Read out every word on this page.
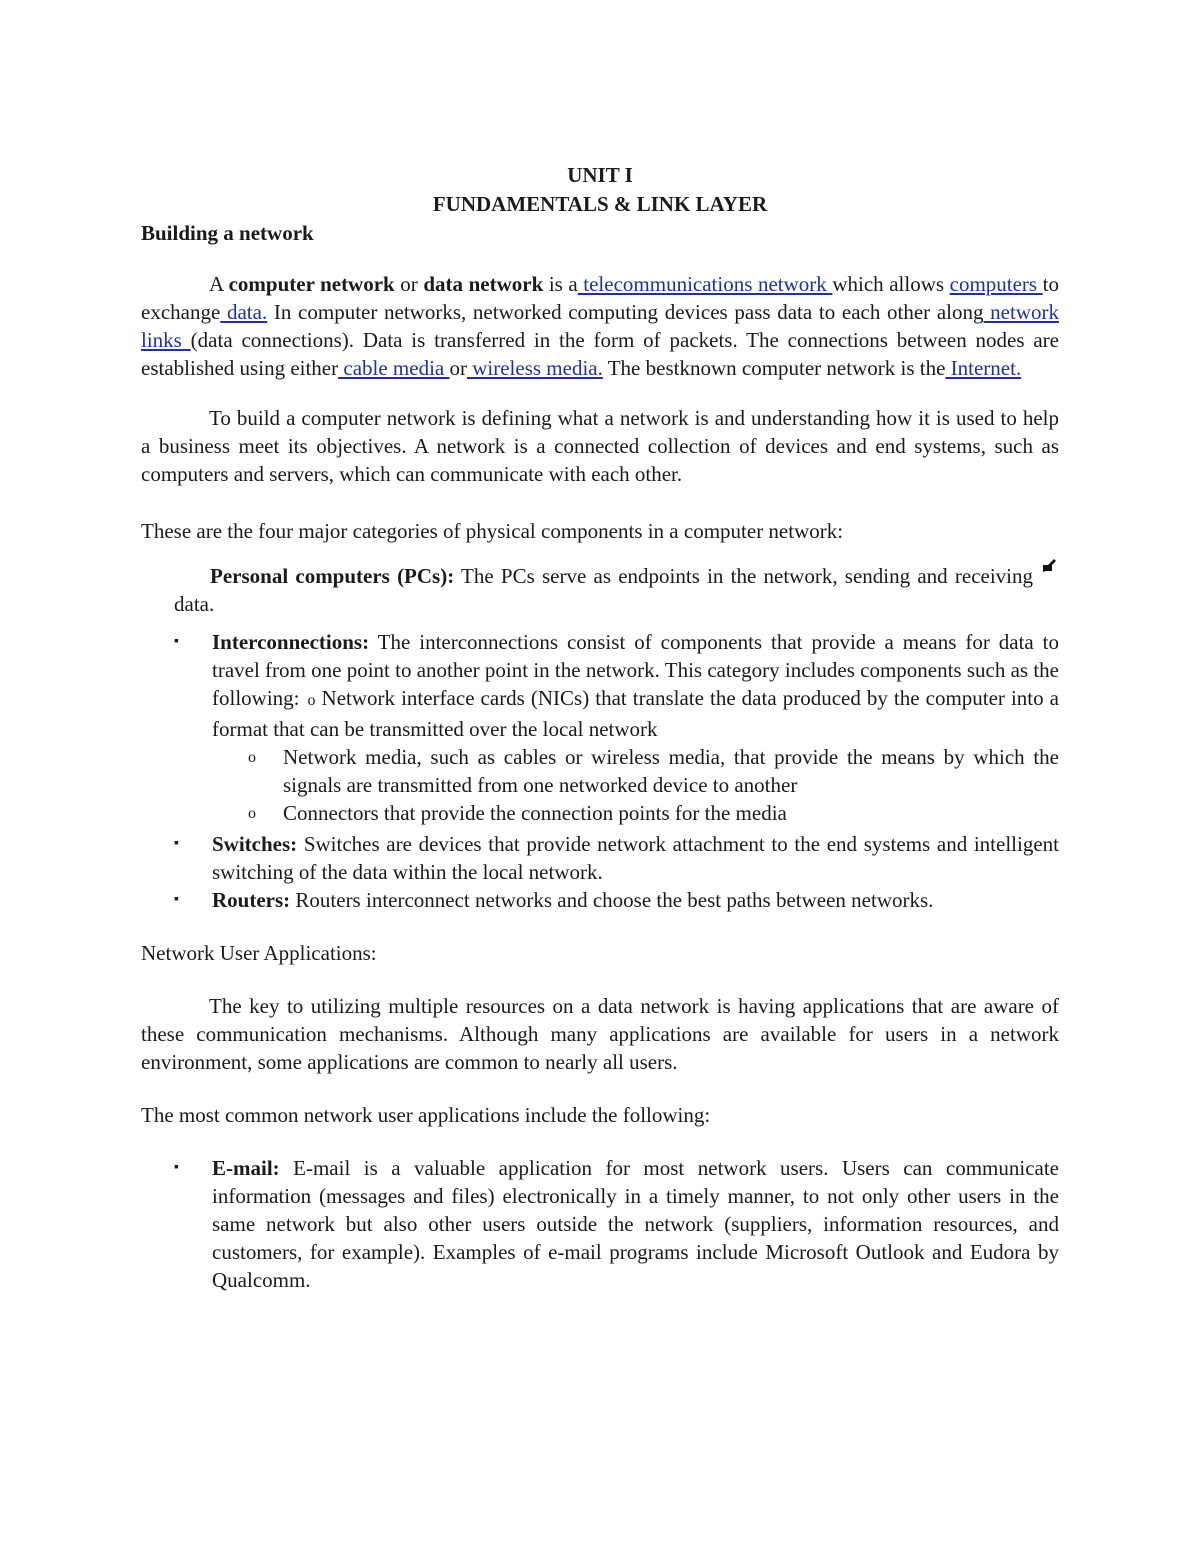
UNIT I

FUNDAMENTALS & LINK LAYER

Building a network

A computer network or data network is a telecommunications network which allows computers to exchange data. In computer networks, networked computing devices pass data to each other along network links (data connections). Data is transferred in the form of packets. The connections between nodes are established using either cable media or wireless media. The bestknown computer network is the Internet.

To build a computer network is defining what a network is and understanding how it is used to help a business meet its objectives. A network is a connected collection of devices and end systems, such as computers and servers, which can communicate with each other.

These are the four major categories of physical components in a computer network:

Personal computers (PCs): The PCs serve as endpoints in the network, sending and receiving data.
▪ Interconnections: The interconnections consist of components that provide a means for data to travel from one point to another point in the network. This category includes components such as the following: o Network interface cards (NICs) that translate the data produced by the computer into a format that can be transmitted over the local network
o Network media, such as cables or wireless media, that provide the means by which the signals are transmitted from one networked device to another
o Connectors that provide the connection points for the media
▪ Switches: Switches are devices that provide network attachment to the end systems and intelligent switching of the data within the local network.
▪ Routers: Routers interconnect networks and choose the best paths between networks.

Network User Applications:

The key to utilizing multiple resources on a data network is having applications that are aware of these communication mechanisms. Although many applications are available for users in a network environment, some applications are common to nearly all users.

The most common network user applications include the following:

▪ E-mail: E-mail is a valuable application for most network users. Users can communicate information (messages and files) electronically in a timely manner, to not only other users in the same network but also other users outside the network (suppliers, information resources, and customers, for example). Examples of e-mail programs include Microsoft Outlook and Eudora by Qualcomm.
